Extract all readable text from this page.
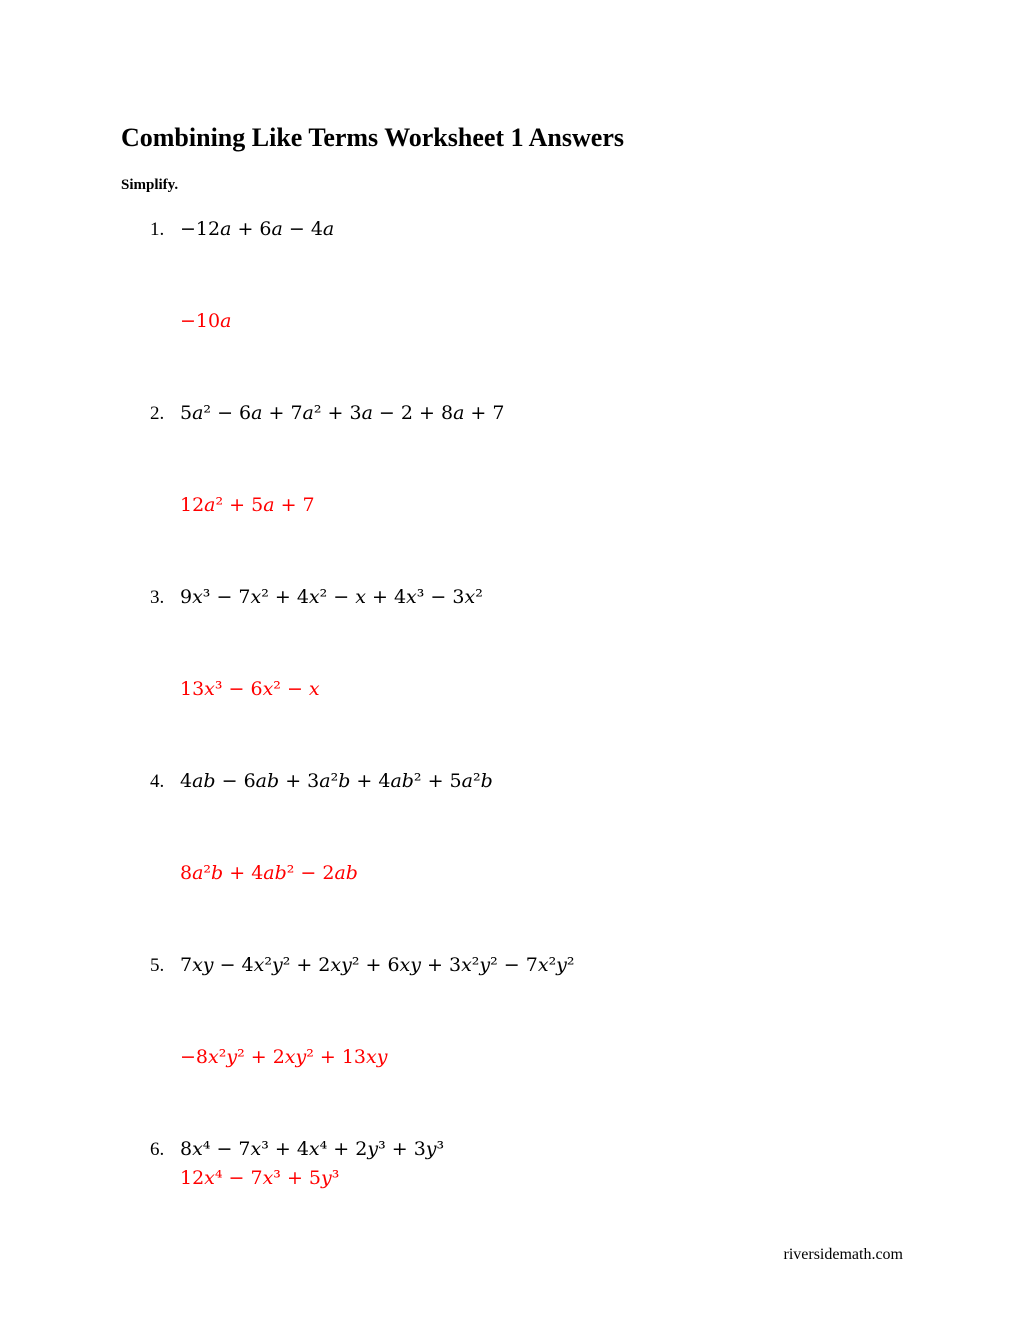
Combining Like Terms Worksheet 1 Answers
Simplify.
1. −12𝑎 + 6𝑎 − 4𝑎
−10𝑎
2. 5𝑎² − 6𝑎 + 7𝑎² + 3𝑎 − 2 + 8𝑎 + 7
12𝑎² + 5𝑎 + 7
3. 9𝑥³ − 7𝑥² + 4𝑥² − 𝑥 + 4𝑥³ − 3𝑥²
13𝑥³ − 6𝑥² − 𝑥
4. 4𝑎𝑏 − 6𝑎𝑏 + 3𝑎²𝑏 + 4𝑎𝑏² + 5𝑎²𝑏
8𝑎²𝑏 + 4𝑎𝑏² − 2𝑎𝑏
5. 7𝑥𝑦 − 4𝑥²𝑦² + 2𝑥𝑦² + 6𝑥𝑦 + 3𝑥²𝑦² − 7𝑥²𝑦²
−8𝑥²𝑦² + 2𝑥𝑦² + 13𝑥𝑦
6. 8𝑥⁴ − 7𝑥³ + 4𝑥⁴ + 2𝑦³ + 3𝑦³
12𝑥⁴ − 7𝑥³ + 5𝑦³
riversidemath.com
